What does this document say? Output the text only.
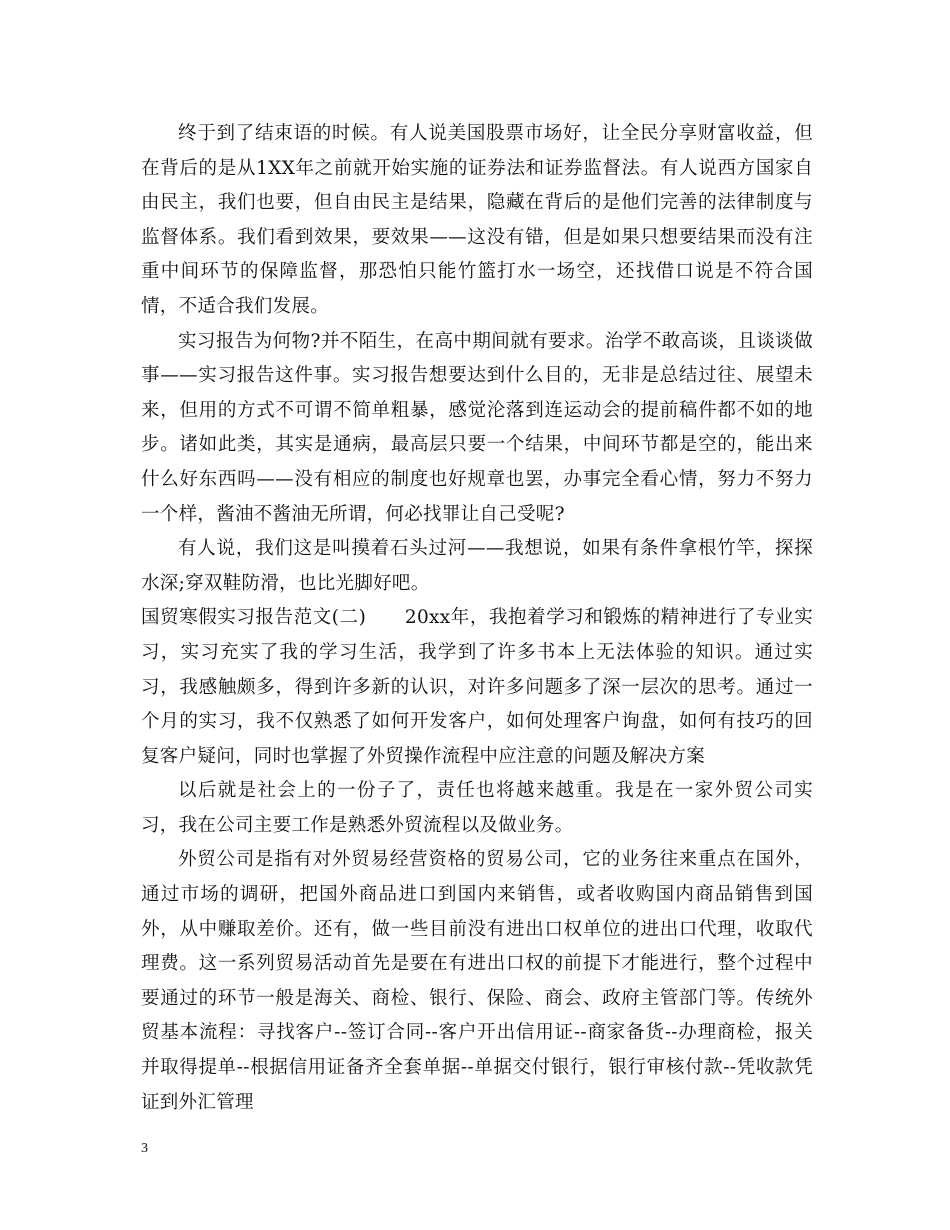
终于到了结束语的时候。有人说美国股票市场好，让全民分享财富收益，但在背后的是从1XX年之前就开始实施的证券法和证券监督法。有人说西方国家自由民主，我们也要，但自由民主是结果，隐藏在背后的是他们完善的法律制度与监督体系。我们看到效果，要效果——这没有错，但是如果只想要结果而没有注重中间环节的保障监督，那恐怕只能竹篮打水一场空，还找借口说是不符合国情，不适合我们发展。

实习报告为何物?并不陌生，在高中期间就有要求。治学不敢高谈，且谈谈做事——实习报告这件事。实习报告想要达到什么目的，无非是总结过往、展望未来，但用的方式不可谓不简单粗暴，感觉沦落到连运动会的提前稿件都不如的地步。诸如此类，其实是通病，最高层只要一个结果，中间环节都是空的，能出来什么好东西吗——没有相应的制度也好规章也罢，办事完全看心情，努力不努力一个样，酱油不酱油无所谓，何必找罪让自己受呢?

有人说，我们这是叫摸着石头过河——我想说，如果有条件拿根竹竿，探探水深;穿双鞋防滑，也比光脚好吧。

国贸寒假实习报告范文(二) 20xx年，我抱着学习和锻炼的精神进行了专业实习，实习充实了我的学习生活，我学到了许多书本上无法体验的知识。通过实习，我感触颇多，得到许多新的认识，对许多问题多了深一层次的思考。通过一个月的实习，我不仅熟悉了如何开发客户，如何处理客户询盘，如何有技巧的回复客户疑问，同时也掌握了外贸操作流程中应注意的问题及解决方案

以后就是社会上的一份子了，责任也将越来越重。我是在一家外贸公司实习，我在公司主要工作是熟悉外贸流程以及做业务。

外贸公司是指有对外贸易经营资格的贸易公司，它的业务往来重点在国外，通过市场的调研，把国外商品进口到国内来销售，或者收购国内商品销售到国外，从中赚取差价。还有，做一些目前没有进出口权单位的进出口代理，收取代理费。这一系列贸易活动首先是要在有进出口权的前提下才能进行，整个过程中要通过的环节一般是海关、商检、银行、保险、商会、政府主管部门等。传统外贸基本流程：寻找客户--签订合同--客户开出信用证--商家备货--办理商检，报关并取得提单--根据信用证备齐全套单据--单据交付银行，银行审核付款--凭收款凭证到外汇管理

3
